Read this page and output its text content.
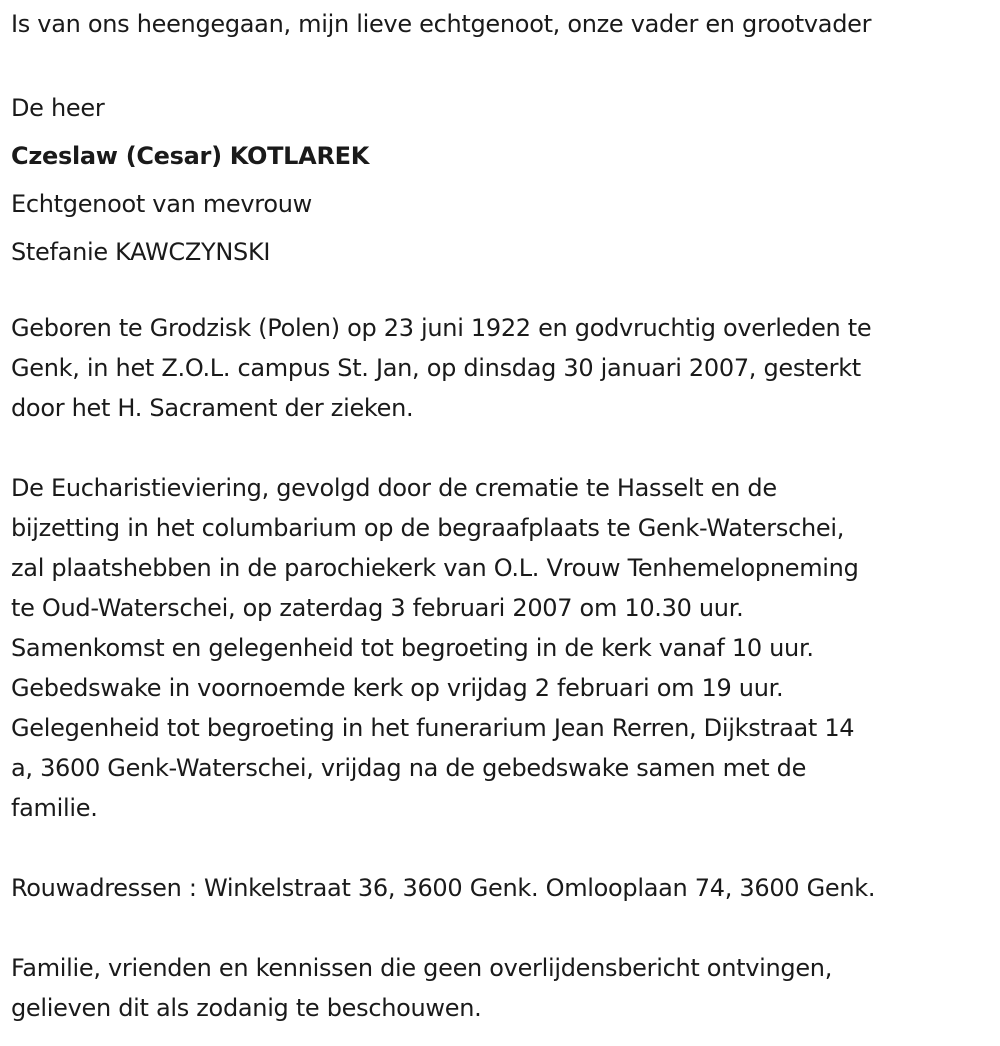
Is van ons heengegaan, mijn lieve echtgenoot, onze vader en grootvader

De heer

Czeslaw (Cesar) KOTLAREK

Echtgenoot van mevrouw

Stefanie KAWCZYNSKI

Geboren te Grodzisk (Polen) op 23 juni 1922 en godvruchtig overleden te

Genk, in het Z.O.L. campus St. Jan, op dinsdag 30 januari 2007, gesterkt

door het H. Sacrament der zieken.

De Eucharistieviering, gevolgd door de crematie te Hasselt en de

bijzetting in het columbarium op de begraafplaats te Genk-Waterschei,

zal plaatshebben in de parochiekerk van O.L. Vrouw Tenhemelopneming

te Oud-Waterschei, op zaterdag 3 februari 2007 om 10.30 uur.

Samenkomst en gelegenheid tot begroeting in de kerk vanaf 10 uur.

Gebedswake in voornoemde kerk op vrijdag 2 februari om 19 uur.

Gelegenheid tot begroeting in het funerarium Jean Rerren, Dijkstraat 14

a, 3600 Genk-Waterschei, vrijdag na de gebedswake samen met de

familie.

Rouwadressen : Winkelstraat 36, 3600 Genk. Omlooplaan 74, 3600 Genk.

Familie, vrienden en kennissen die geen overlijdensbericht ontvingen,

gelieven dit als zodanig te beschouwen.
